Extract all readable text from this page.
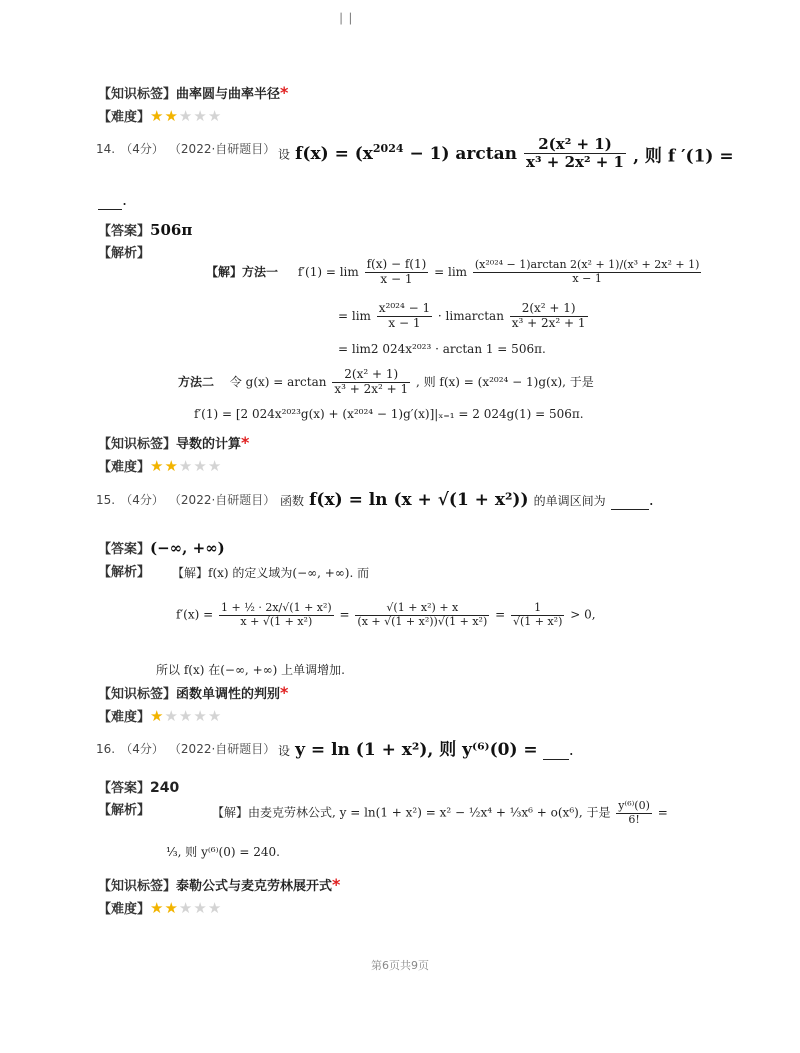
│ │
【知识标签】曲率圆与曲率半径*
【难度】★★★★★
14. （4分） （2022·自研题目） 设 $f(x) = (x^{2024} - 1)$ $\arctan \frac{\text{2(x² + 1)}}{\text{x³ + 2x² + 1}}$ , 则 f ′(1) =
.
【答案】506π
【解析】
【解】方法一 $f'(1) = \lim \frac{f(x) - f(1)}{x - 1} = \lim \frac{\text{(x²⁰²⁴ − 1)arctan 2(x² + 1)/(x³ + 2x² + 1)}}{x - 1}$
= $\lim \frac{\text{x²⁰²⁴ − 1}}{x - 1} \cdot limarctan \frac{\text{2(x² + 1)}}{\text{x³ + 2x² + 1}}$
= lim2 024x²⁰²³ · arctan 1 = 506π.
方法二 令 $g(x) = \arctan \frac{\text{2(x² + 1)}}{\text{x³ + 2x² + 1}}$ , 则 f(x) = (x²⁰²⁴ − 1)g(x), 于是
f′(1) = [2 024x²⁰²³g(x) + (x²⁰²⁴ − 1)g′(x)]|ₓ₌₁ = 2 024g(1) = 506π.
【知识标签】导数的计算*
【难度】★★★★★
15. （4分） （2022·自研题目） 函数 f(x) = ln (x + √(1 + x²)) 的单调区间为	.
【答案】(−∞, +∞)
【解析】 【解】f(x) 的定义域为(−∞, +∞). 而
$f'(x) = \frac{\text{1 + ½ · 2x/√(1 + x²)}}{\text{x + √(1 + x²)}} = \frac{\text{√(1 + x²) + x}}{\text{(x + √(1 + x²))√(1 + x²)}} = \frac{1}{\text{√(1 + x²)}} > 0$,
所以 f(x) 在(−∞, +∞) 上单调增加.
【知识标签】函数单调性的判别*
【难度】★★★★★
16. （4分） （2022·自研题目） 设 y = ln (1 + x²), 则 y⁽⁶⁾(0) = .
【答案】240
【解析】	【解】由麦克劳林公式, y = ln(1 + x²) = x² − ½x⁴ + ⅓x⁶ + o(x⁶), 于是 $\frac{\text{y⁽⁶⁾(0)}}{6!}$ =
⅓, 则 y⁽⁶⁾(0) = 240.
【知识标签】泰勒公式与麦克劳林展开式*
【难度】★★★★★
第6页共9页
